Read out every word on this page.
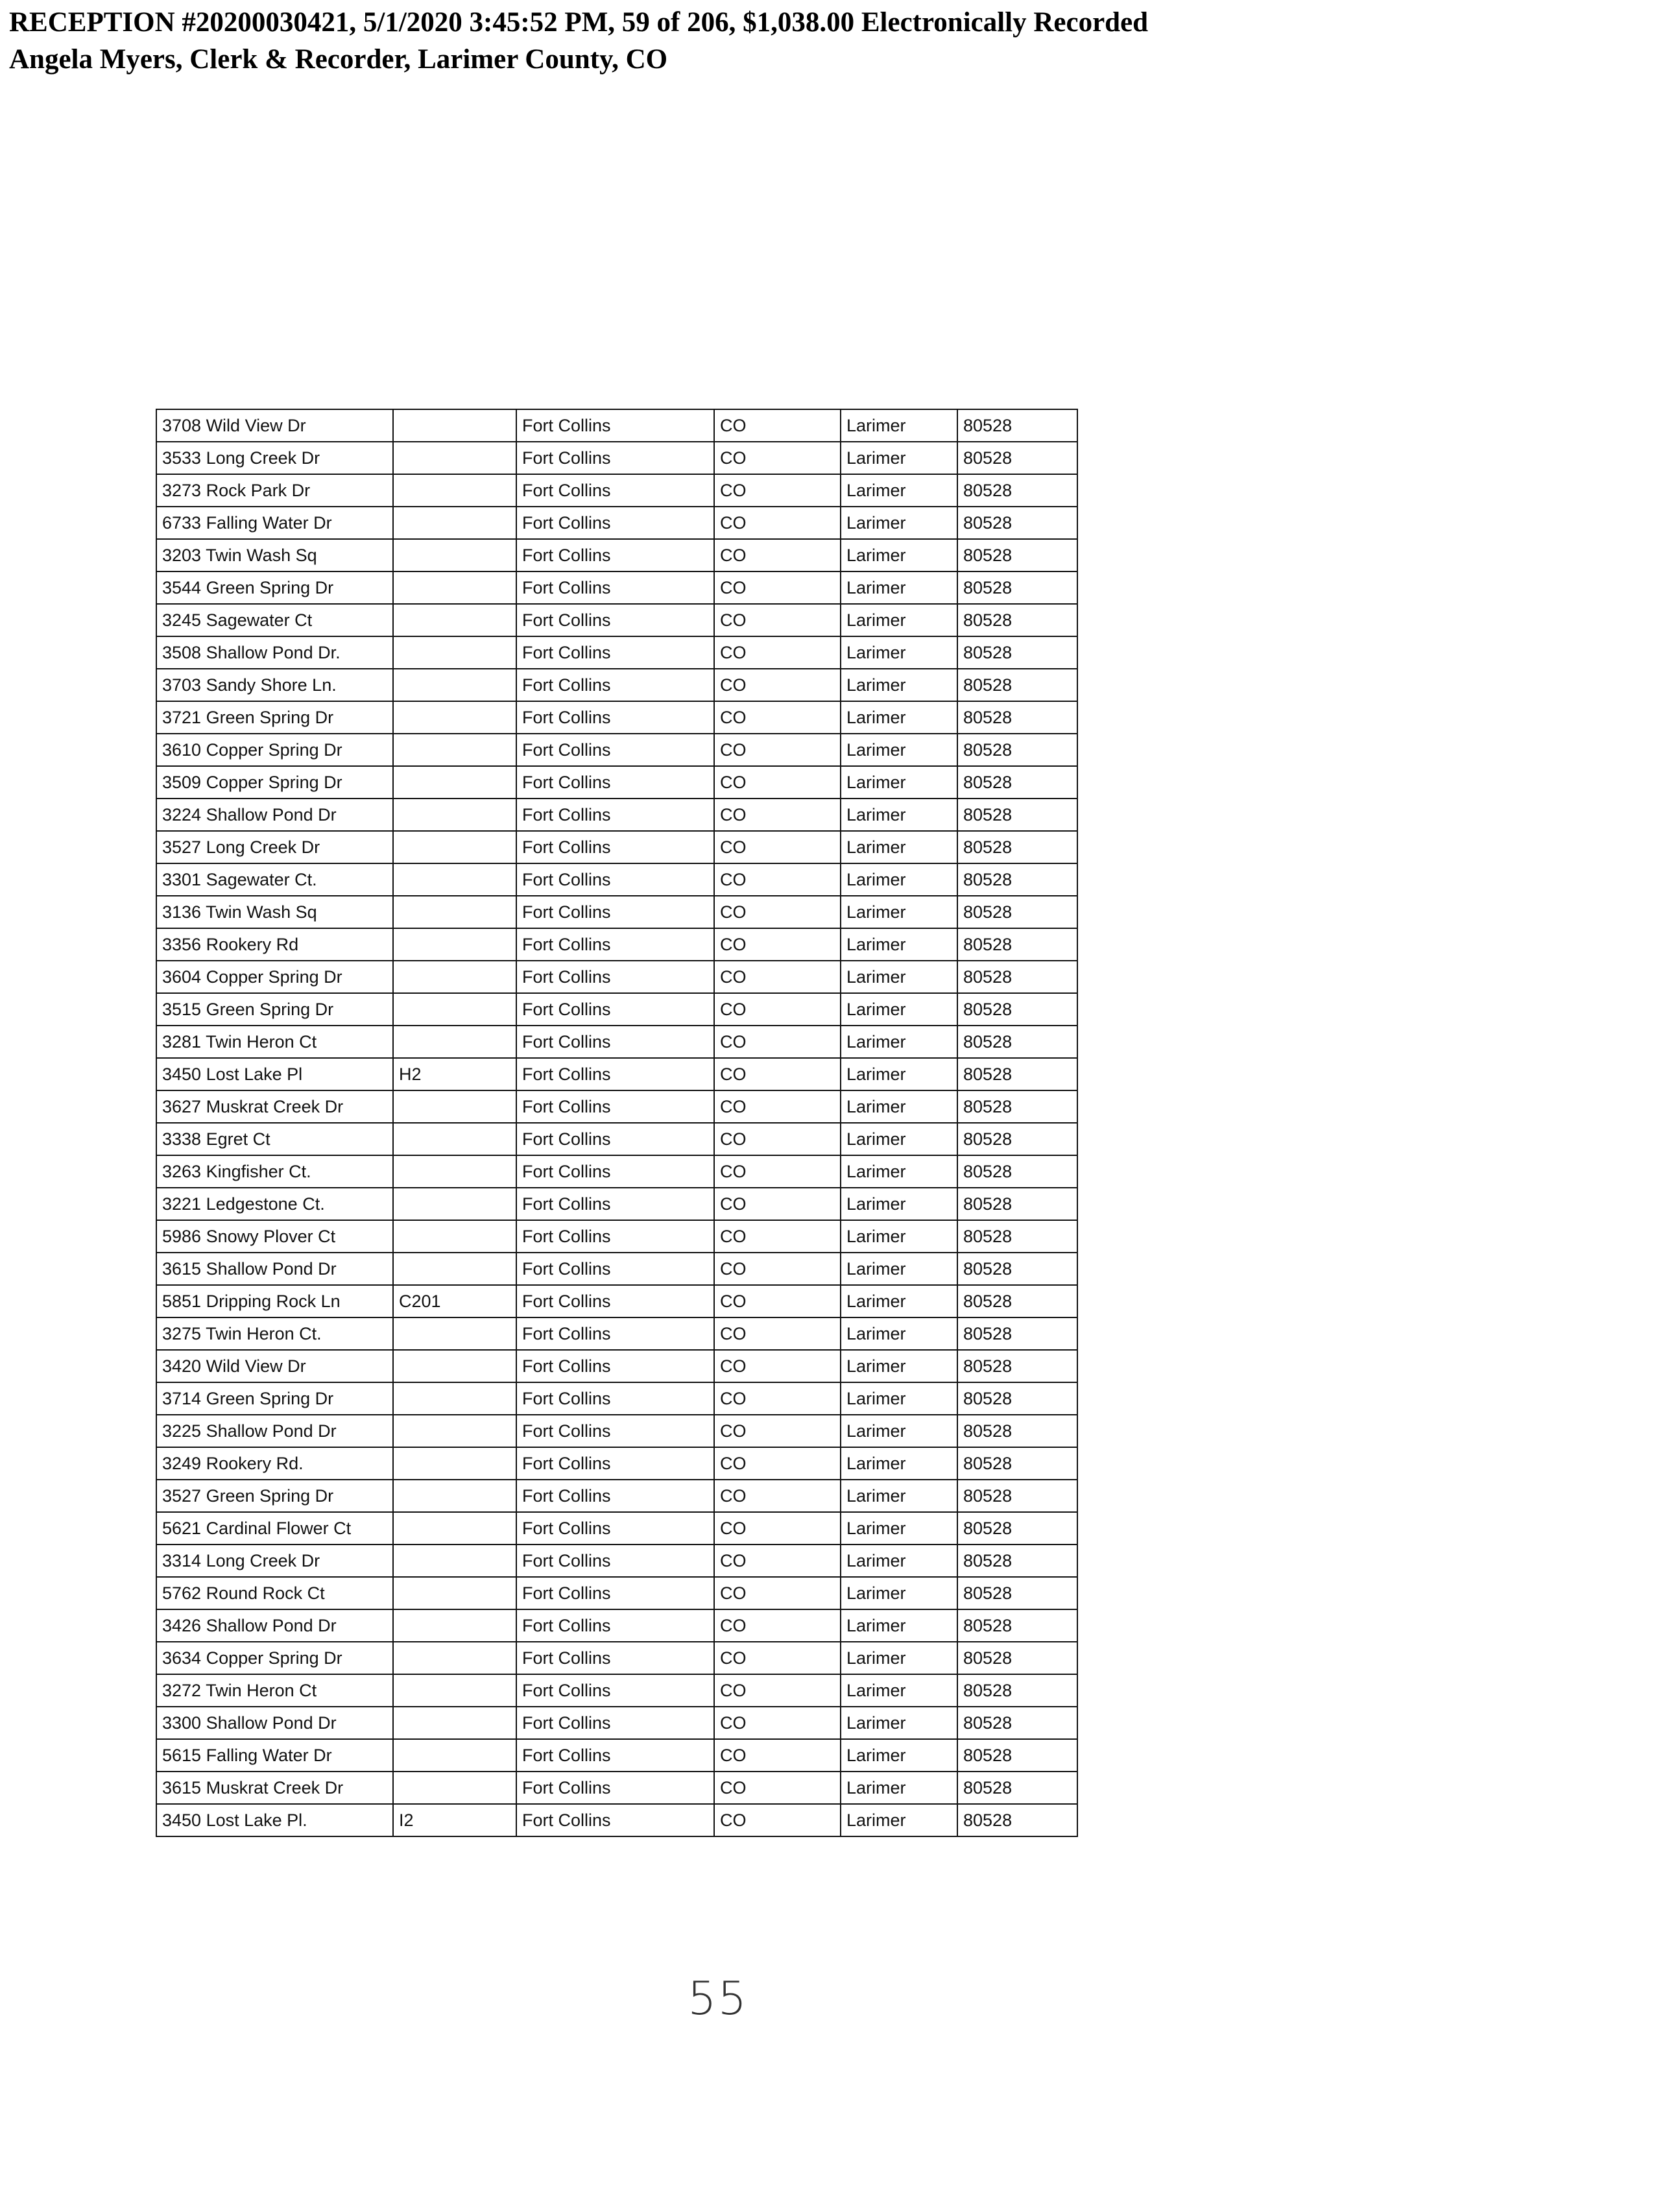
RECEPTION #20200030421, 5/1/2020 3:45:52 PM, 59 of 206, $1,038.00 Electronically Recorded
Angela Myers, Clerk & Recorder, Larimer County, CO
3708 Wild View Dr		Fort Collins	CO	Larimer	80528
3533 Long Creek Dr		Fort Collins	CO	Larimer	80528
3273 Rock Park Dr		Fort Collins	CO	Larimer	80528
6733 Falling Water Dr		Fort Collins	CO	Larimer	80528
3203 Twin Wash Sq		Fort Collins	CO	Larimer	80528
3544 Green Spring Dr		Fort Collins	CO	Larimer	80528
3245 Sagewater Ct		Fort Collins	CO	Larimer	80528
3508 Shallow Pond Dr.		Fort Collins	CO	Larimer	80528
3703 Sandy Shore Ln.		Fort Collins	CO	Larimer	80528
3721 Green Spring Dr		Fort Collins	CO	Larimer	80528
3610 Copper Spring Dr		Fort Collins	CO	Larimer	80528
3509 Copper Spring Dr		Fort Collins	CO	Larimer	80528
3224 Shallow Pond Dr		Fort Collins	CO	Larimer	80528
3527 Long Creek Dr		Fort Collins	CO	Larimer	80528
3301 Sagewater Ct.		Fort Collins	CO	Larimer	80528
3136 Twin Wash Sq		Fort Collins	CO	Larimer	80528
3356 Rookery Rd		Fort Collins	CO	Larimer	80528
3604 Copper Spring Dr		Fort Collins	CO	Larimer	80528
3515 Green Spring Dr		Fort Collins	CO	Larimer	80528
3281 Twin Heron Ct		Fort Collins	CO	Larimer	80528
3450 Lost Lake Pl	H2	Fort Collins	CO	Larimer	80528
3627 Muskrat Creek Dr		Fort Collins	CO	Larimer	80528
3338 Egret Ct		Fort Collins	CO	Larimer	80528
3263 Kingfisher Ct.		Fort Collins	CO	Larimer	80528
3221 Ledgestone Ct.		Fort Collins	CO	Larimer	80528
5986 Snowy Plover Ct		Fort Collins	CO	Larimer	80528
3615 Shallow Pond Dr		Fort Collins	CO	Larimer	80528
5851 Dripping Rock Ln	C201	Fort Collins	CO	Larimer	80528
3275 Twin Heron Ct.		Fort Collins	CO	Larimer	80528
3420 Wild View Dr		Fort Collins	CO	Larimer	80528
3714 Green Spring Dr		Fort Collins	CO	Larimer	80528
3225 Shallow Pond Dr		Fort Collins	CO	Larimer	80528
3249 Rookery Rd.		Fort Collins	CO	Larimer	80528
3527 Green Spring Dr		Fort Collins	CO	Larimer	80528
5621 Cardinal Flower Ct		Fort Collins	CO	Larimer	80528
3314 Long Creek Dr		Fort Collins	CO	Larimer	80528
5762 Round Rock Ct		Fort Collins	CO	Larimer	80528
3426 Shallow Pond Dr		Fort Collins	CO	Larimer	80528
3634 Copper Spring Dr		Fort Collins	CO	Larimer	80528
3272 Twin Heron Ct		Fort Collins	CO	Larimer	80528
3300 Shallow Pond Dr		Fort Collins	CO	Larimer	80528
5615 Falling Water Dr		Fort Collins	CO	Larimer	80528
3615 Muskrat Creek Dr		Fort Collins	CO	Larimer	80528
3450 Lost Lake Pl.	I2	Fort Collins	CO	Larimer	80528
55
